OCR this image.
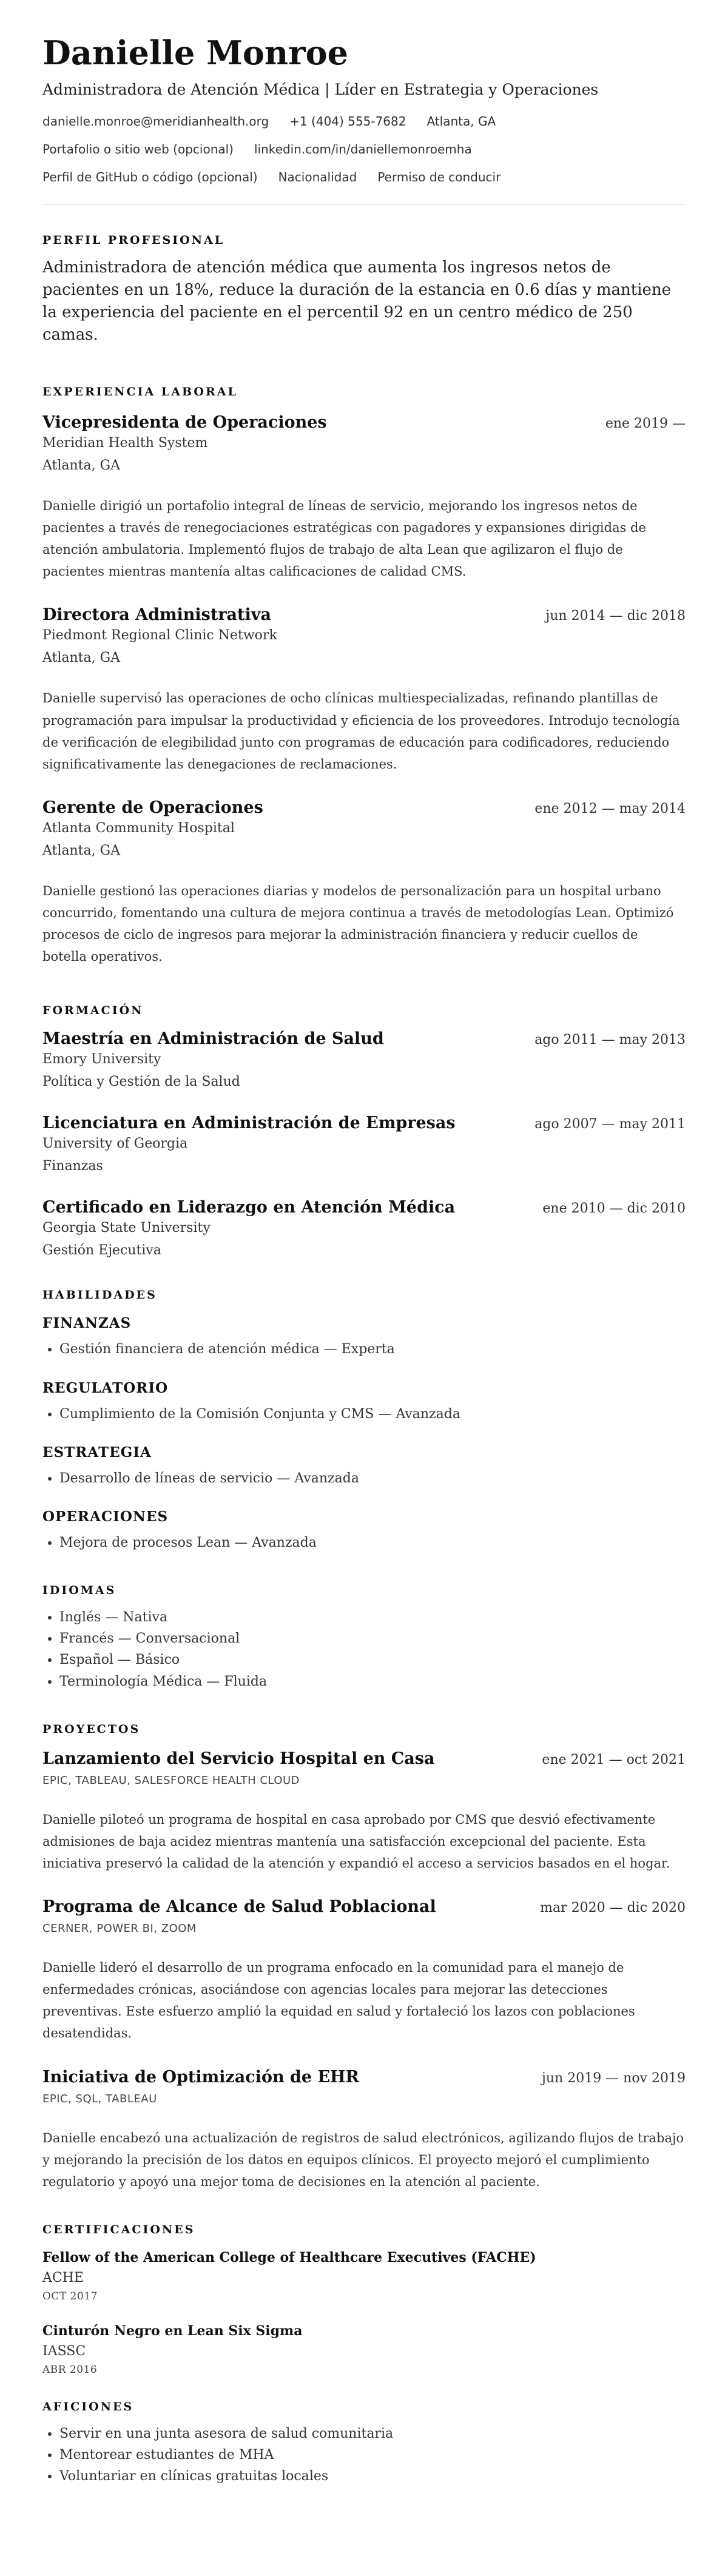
Danielle Monroe
Administradora de Atención Médica | Líder en Estrategia y Operaciones
danielle.monroe@meridianhealth.org +1 (404) 555-7682 Atlanta, GA
Portafolio o sitio web (opcional) linkedin.com/in/daniellemonroemha
Perfil de GitHub o código (opcional) Nacionalidad Permiso de conducir
PERFIL PROFESIONAL
Administradora de atención médica que aumenta los ingresos netos de pacientes en un 18%, reduce la duración de la estancia en 0.6 días y mantiene la experiencia del paciente en el percentil 92 en un centro médico de 250 camas.
EXPERIENCIA LABORAL
Vicepresidenta de Operaciones	ene 2019 —
Meridian Health System
Atlanta, GA
Danielle dirigió un portafolio integral de líneas de servicio, mejorando los ingresos netos de pacientes a través de renegociaciones estratégicas con pagadores y expansiones dirigidas de atención ambulatoria. Implementó flujos de trabajo de alta Lean que agilizaron el flujo de pacientes mientras mantenía altas calificaciones de calidad CMS.
Directora Administrativa	jun 2014 — dic 2018
Piedmont Regional Clinic Network
Atlanta, GA
Danielle supervisó las operaciones de ocho clínicas multiespecializadas, refinando plantillas de programación para impulsar la productividad y eficiencia de los proveedores. Introdujo tecnología de verificación de elegibilidad junto con programas de educación para codificadores, reduciendo significativamente las denegaciones de reclamaciones.
Gerente de Operaciones	ene 2012 — may 2014
Atlanta Community Hospital
Atlanta, GA
Danielle gestionó las operaciones diarias y modelos de personalización para un hospital urbano concurrido, fomentando una cultura de mejora continua a través de metodologías Lean. Optimizó procesos de ciclo de ingresos para mejorar la administración financiera y reducir cuellos de botella operativos.
FORMACIÓN
Maestría en Administración de Salud	ago 2011 — may 2013
Emory University
Política y Gestión de la Salud
Licenciatura en Administración de Empresas	ago 2007 — may 2011
University of Georgia
Finanzas
Certificado en Liderazgo en Atención Médica	ene 2010 — dic 2010
Georgia State University
Gestión Ejecutiva
HABILIDADES
FINANZAS
• Gestión financiera de atención médica — Experta
REGULATORIO
• Cumplimiento de la Comisión Conjunta y CMS — Avanzada
ESTRATEGIA
• Desarrollo de líneas de servicio — Avanzada
OPERACIONES
• Mejora de procesos Lean — Avanzada
IDIOMAS
• Inglés — Nativa
• Francés — Conversacional
• Español — Básico
• Terminología Médica — Fluida
PROYECTOS
Lanzamiento del Servicio Hospital en Casa	ene 2021 — oct 2021
EPIC, TABLEAU, SALESFORCE HEALTH CLOUD
Danielle piloteó un programa de hospital en casa aprobado por CMS que desvió efectivamente admisiones de baja acidez mientras mantenía una satisfacción excepcional del paciente. Esta iniciativa preservó la calidad de la atención y expandió el acceso a servicios basados en el hogar.
Programa de Alcance de Salud Poblacional	mar 2020 — dic 2020
CERNER, POWER BI, ZOOM
Danielle lideró el desarrollo de un programa enfocado en la comunidad para el manejo de enfermedades crónicas, asociándose con agencias locales para mejorar las detecciones preventivas. Este esfuerzo amplió la equidad en salud y fortaleció los lazos con poblaciones desatendidas.
Iniciativa de Optimización de EHR	jun 2019 — nov 2019
EPIC, SQL, TABLEAU
Danielle encabezó una actualización de registros de salud electrónicos, agilizando flujos de trabajo y mejorando la precisión de los datos en equipos clínicos. El proyecto mejoró el cumplimiento regulatorio y apoyó una mejor toma de decisiones en la atención al paciente.
CERTIFICACIONES
Fellow of the American College of Healthcare Executives (FACHE)
ACHE
OCT 2017
Cinturón Negro en Lean Six Sigma
IASSC
ABR 2016
AFICIONES
• Servir en una junta asesora de salud comunitaria
• Mentorear estudiantes de MHA
• Voluntariar en clínicas gratuitas locales
